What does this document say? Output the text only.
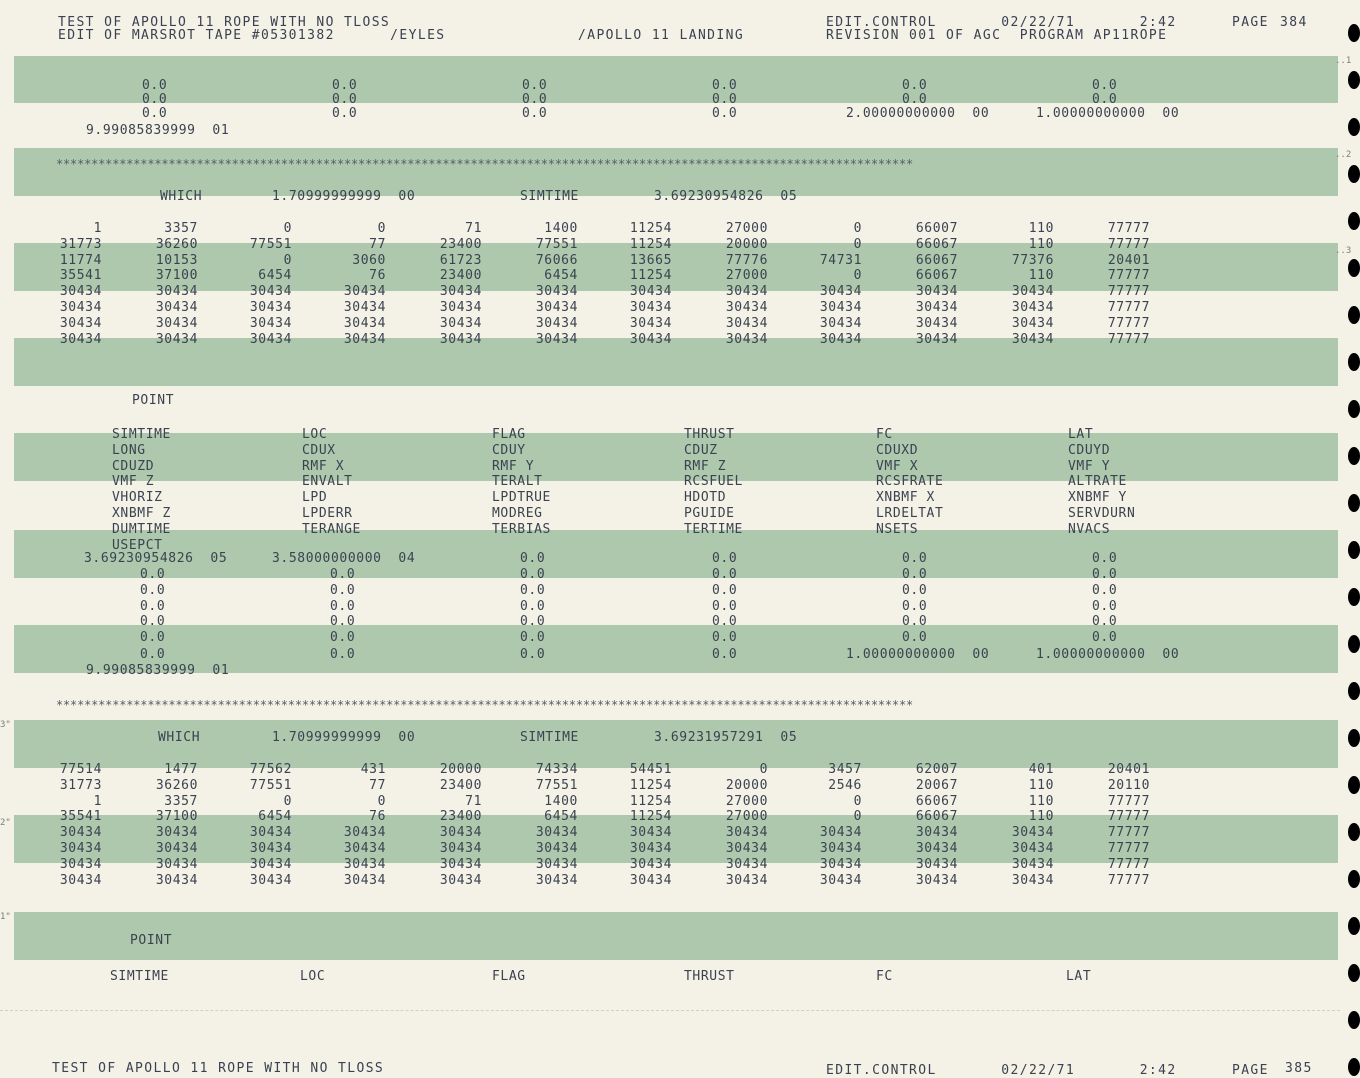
..1
..2
..3
3"
2"
1"
TEST OF APOLLO 11 ROPE WITH NO TLOSS
EDIT OF MARSROT TAPE #05301382      /EYLES	/APOLLO 11 LANDING
EDIT.CONTROL       02/22/71       2:42      PAGE
REVISION 001 OF AGC  PROGRAM AP11ROPE
384
TEST OF APOLLO 11 ROPE WITH NO TLOSS	EDIT.CONTROL       02/22/71       2:42      PAGE 385
**************************************************************************************************************************
**************************************************************************************************************************
WHICH	1.70999999999  00	SIMTIME	3.69230954826  05
WHICH	1.70999999999  00	SIMTIME	3.69231957291  05
POINT
POINT
0.0	0.0	0.0	0.0	0.0	0.0
0.0	0.0	0.0	0.0	0.0	0.0
0.0	0.0	0.0	0.0	2.00000000000  00	1.00000000000  00
9.99085839999  01
1	3357	0	0	71	1400	11254	27000	0	66007	110	77777
31773	36260	77551	77	23400	77551	11254	20000	0	66067	110	77777
11774	10153	0	3060	61723	76066	13665	77776	74731	66067	77376	20401
35541	37100	6454	76	23400	6454	11254	27000	0	66067	110	77777
30434	30434	30434	30434	30434	30434	30434	30434	30434	30434	30434	77777
30434	30434	30434	30434	30434	30434	30434	30434	30434	30434	30434	77777
30434	30434	30434	30434	30434	30434	30434	30434	30434	30434	30434	77777
30434	30434	30434	30434	30434	30434	30434	30434	30434	30434	30434	77777
77514	1477	77562	431	20000	74334	54451	0	3457	62007	401	20401
31773	36260	77551	77	23400	77551	11254	20000	2546	20067	110	20110
1	3357	0	0	71	1400	11254	27000	0	66067	110	77777
35541	37100	6454	76	23400	6454	11254	27000	0	66067	110	77777
30434	30434	30434	30434	30434	30434	30434	30434	30434	30434	30434	77777
30434	30434	30434	30434	30434	30434	30434	30434	30434	30434	30434	77777
30434	30434	30434	30434	30434	30434	30434	30434	30434	30434	30434	77777
30434	30434	30434	30434	30434	30434	30434	30434	30434	30434	30434	77777
SIMTIME	LOC	FLAG	THRUST	FC	LAT
LONG	CDUX	CDUY	CDUZ	CDUXD	CDUYD
CDUZD	RMF X	RMF Y	RMF Z	VMF X	VMF Y
VMF Z	ENVALT	TERALT	RCSFUEL	RCSFRATE	ALTRATE
VHORIZ	LPD	LPDTRUE	HDOTD	XNBMF X	XNBMF Y
XNBMF Z	LPDERR	MODREG	PGUIDE	LRDELTAT	SERVDURN
DUMTIME	TERANGE	TERBIAS	TERTIME	NSETS	NVACS
USEPCT
3.69230954826  05	3.58000000000  04	0.0	0.0	0.0	0.0
0.0	0.0	0.0	0.0	0.0	0.0
0.0	0.0	0.0	0.0	0.0	0.0
0.0	0.0	0.0	0.0	0.0	0.0
0.0	0.0	0.0	0.0	0.0	0.0
0.0	0.0	0.0	0.0	0.0	0.0
0.0	0.0	0.0	0.0	1.00000000000  00	1.00000000000  00
9.99085839999  01
SIMTIME	LOC	FLAG	THRUST	FC	LAT
